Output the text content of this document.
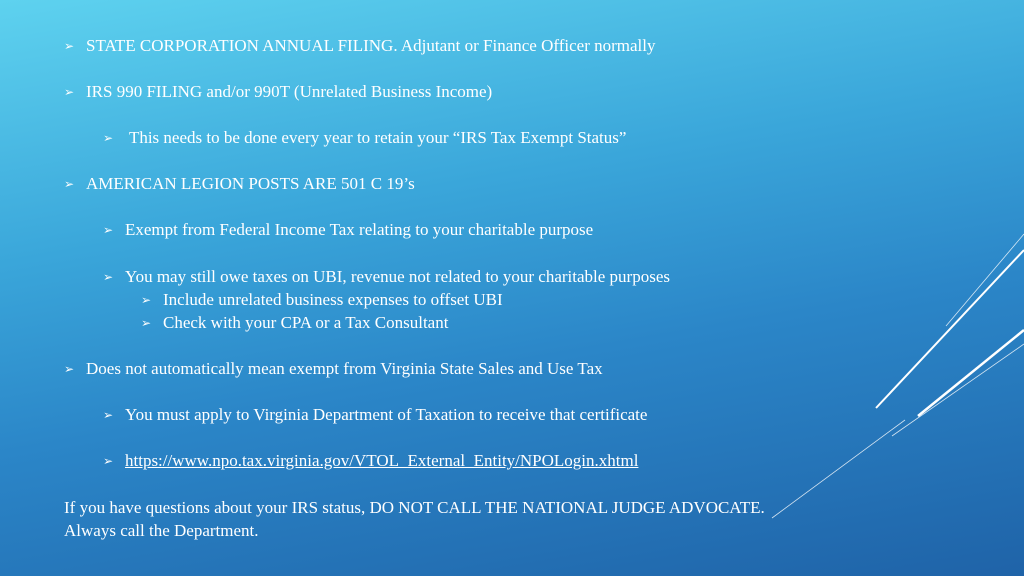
➢ STATE CORPORATION ANNUAL FILING. Adjutant or Finance Officer normally
➢ IRS 990 FILING and/or 990T (Unrelated Business Income)
➢ This needs to be done every year to retain your “IRS Tax Exempt Status”
➢ AMERICAN LEGION POSTS ARE 501 C 19’s
➢ Exempt from Federal Income Tax relating to your charitable purpose
➢ You may still owe taxes on UBI, revenue not related to your charitable purposes
➢ Include unrelated business expenses to offset UBI
➢ Check with your CPA or a Tax Consultant
➢ Does not automatically mean exempt from Virginia State Sales and Use Tax
➢ You must apply to Virginia Department of Taxation to receive that certificate
➢ https://www.npo.tax.virginia.gov/VTOL_External_Entity/NPOLogin.xhtml
If you have questions about your IRS status, DO NOT CALL THE NATIONAL JUDGE ADVOCATE.
Always call the Department.
